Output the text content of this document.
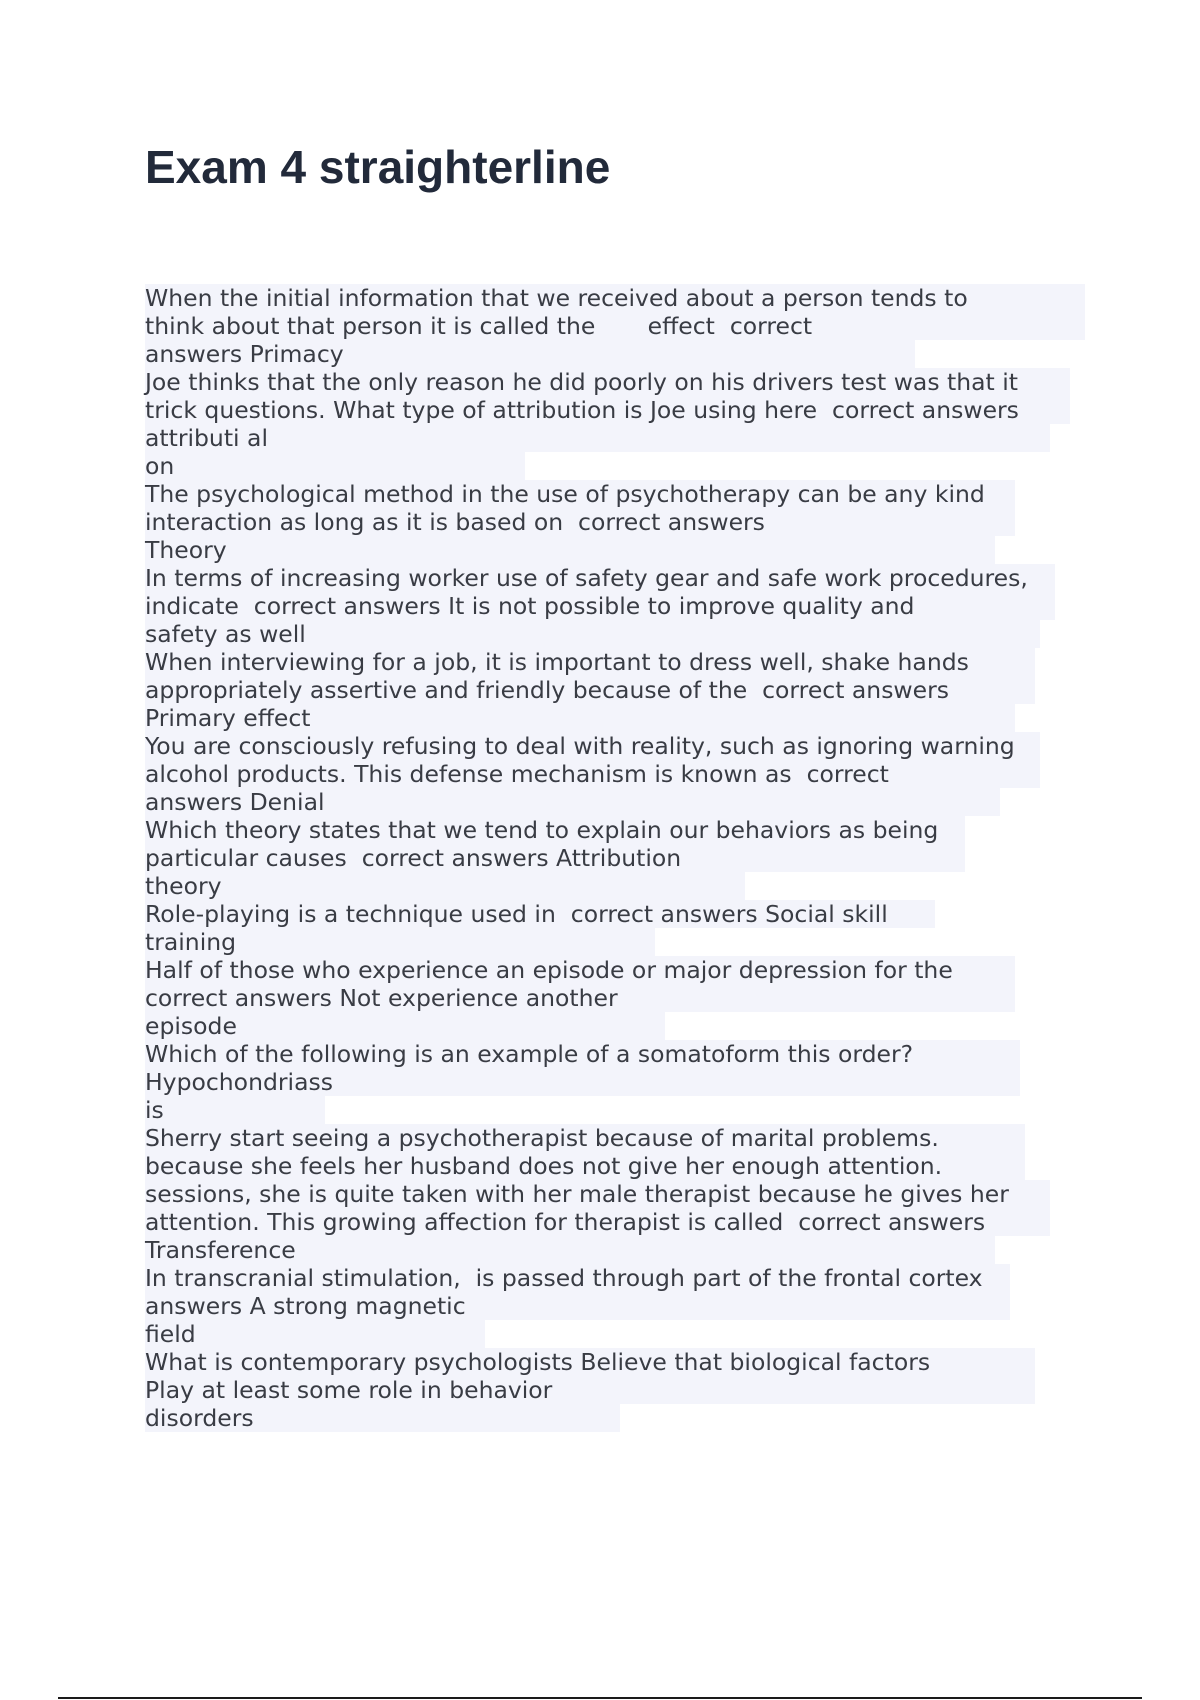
Exam 4 straighterline
When the initial information that we received about a person tends to
think about that person it is called the       effect  correct
answers Primacy
Joe thinks that the only reason he did poorly on his drivers test was that it
trick questions. What type of attribution is Joe using here  correct answers
attributi al
on
The psychological method in the use of psychotherapy can be any kind
interaction as long as it is based on  correct answers
Theory
In terms of increasing worker use of safety gear and safe work procedures,
indicate  correct answers It is not possible to improve quality and
safety as well
When interviewing for a job, it is important to dress well, shake hands
appropriately assertive and friendly because of the  correct answers
Primary effect
You are consciously refusing to deal with reality, such as ignoring warning
alcohol products. This defense mechanism is known as  correct
answers Denial
Which theory states that we tend to explain our behaviors as being
particular causes  correct answers Attribution
theory
Role-playing is a technique used in  correct answers Social skill
training
Half of those who experience an episode or major depression for the
correct answers Not experience another
episode
Which of the following is an example of a somatoform this order?
Hypochondriass
is
Sherry start seeing a psychotherapist because of marital problems.
because she feels her husband does not give her enough attention.
sessions, she is quite taken with her male therapist because he gives her
attention. This growing affection for therapist is called  correct answers
Transference
In transcranial stimulation,  is passed through part of the frontal cortex
answers A strong magnetic
field
What is contemporary psychologists Believe that biological factors
Play at least some role in behavior
disorders
